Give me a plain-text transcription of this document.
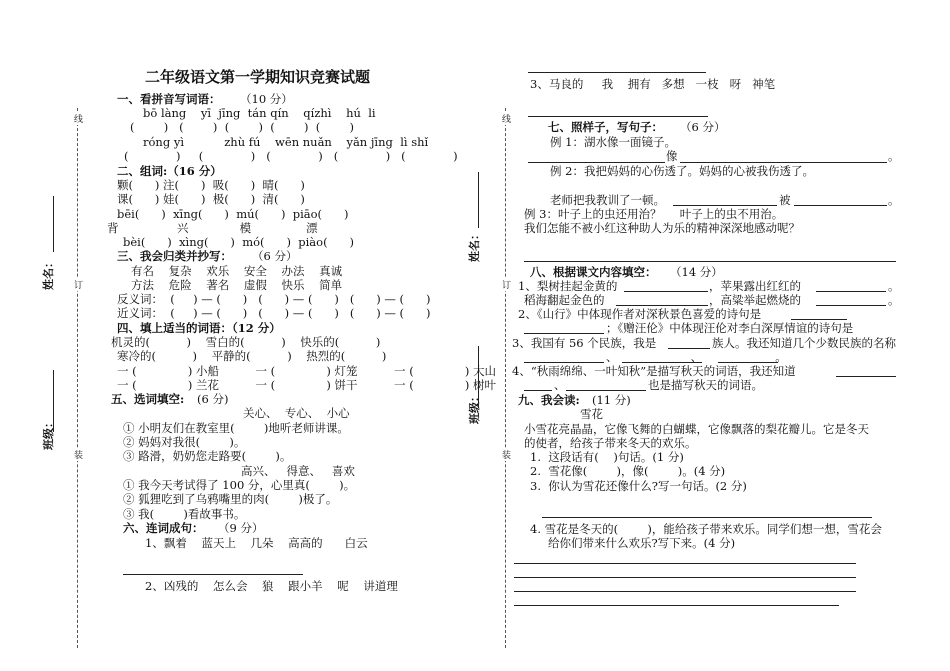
线
订
装
姓名：
班级：
线
订
装
姓名：
班级：
二年级语文第一学期知识竞赛试题
一、看拼音写词语： （10 分）
bō làng    yī  jīng  tán qín    qízhì    hú  li
(        )   (        )  (        )  (        )  (        )
róng yì           zhù fú    wēn nuǎn    yǎn jīng  lì shǐ
(             )     (             )   (             )   (             )   (             )
二、组词:（16 分）
颗(      ) 注(      )  吸(      )  晴(      )
课(      ) 娃(      )  极(      )  清(      )
bēi(      )  xīng(      )  mú(      )  piāo(      )
背                兴              模               漂
bèi(      )  xìng(      )  mó(      )  piào(      )
三、我会归类并抄写： （6 分）
有名    复杂    欢乐    安全    办法    真诚
方法    危险    著名    虚假    快乐    简单
反义词：  (     ) — (      )   (      ) — (      )   (      ) — (      )
近义词：  (     ) — (      )   (      ) — (      )   (      ) — (      )
四、填上适当的词语：（12 分）
机灵的(          )    雪白的(          )    快乐的(          )
寒冷的(          )    平静的(          )    热烈的(          )
一 (              ) 小船          一 (              ) 灯笼          一 (              ) 大山
一 (              ) 兰花          一 (              ) 饼干          一 (              ) 树叶
五、选词填空: (6 分)
关心、  专心、  小心
① 小明友们在教室里(        )地听老师讲课。
② 妈妈对我很(        )。
③ 路滑，奶奶您走路要(        )。
高兴、   得意、   喜欢
① 我今天考试得了 100 分，心里真(        )。
② 狐狸吃到了乌鸦嘴里的肉(        )极了。
③ 我(        )看故事书。
六、连词成句： （9 分）
1、飘着    蓝天上    几朵    高高的      白云
2、凶残的    怎么会    狼    跟小羊    呢    讲道理
3、马良的     我    拥有   多想   一枝   呀   神笔
七、照样子，写句子： （6 分）
例 1：湖水像一面镜子。
像	。
例 2：我把妈妈的心伤透了。妈妈的心被我伤透了。
老师把我教训了一顿。	被	。
例 3：叶子上的虫还用治？     叶子上的虫不用治。
我们怎能不被小红这种助人为乐的精神深深地感动呢？
八、根据课文内容填空： （14 分）
1、梨树挂起金黄的	，苹果露出红红的	。
稻海翻起金色的	，高粱举起燃烧的	。
2、《山行》中体现作者对深秋景色喜爱的诗句是
；《赠汪伦》中体现汪伦对李白深厚情谊的诗句是
3、我国有 56 个民族，我是	族人。我还知道几个少数民族的名称
、                    、                    。
4、“秋雨绵绵、一叶知秋”是描写秋天的词语，我还知道
、	也是描写秋天的词语。
九、我会读: (11 分)
雪花
小雪花亮晶晶，它像飞舞的白蝴蝶，它像飘落的梨花瓣儿。它是冬天
的使者，给孩子带来冬天的欢乐。
1.  这段话有(    )句话。(1 分)
2.  雪花像(        )，像(        )。(4 分)
3.  你认为雪花还像什么?写一句话。(2 分)
4. 雪花是冬天的(        )，能给孩子带来欢乐。同学们想一想，雪花会
给你们带来什么欢乐?写下来。(4 分)
